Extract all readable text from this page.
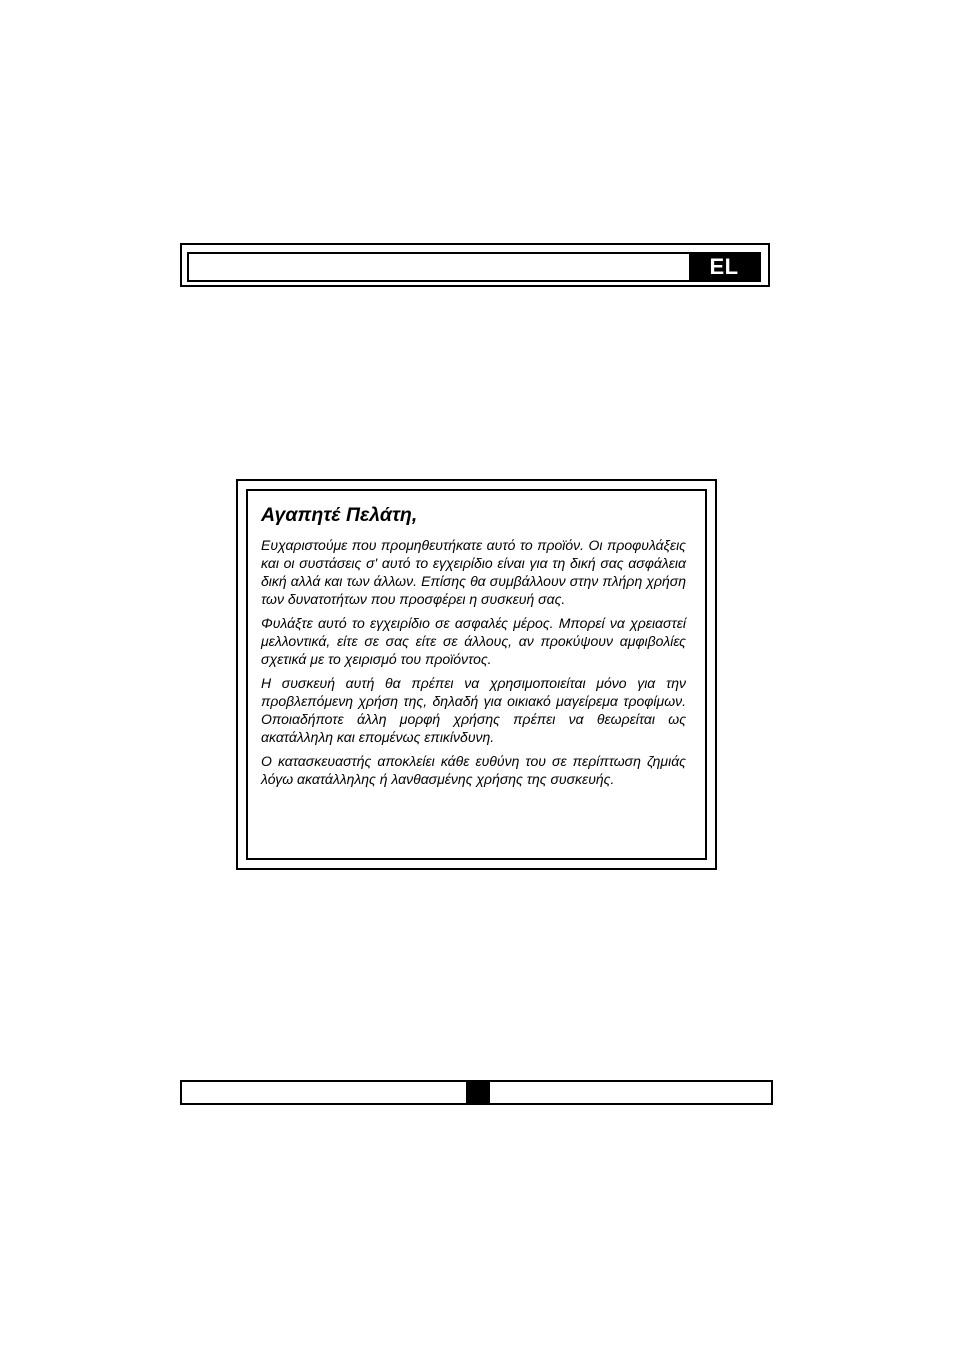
EL
Αγαπητέ Πελάτη,

Ευχαριστούμε που προμηθευτήκατε αυτό το προϊόν. Οι προφυλάξεις και οι συστάσεις σ' αυτό το εγχειρίδιο είναι για τη δική σας ασφάλεια δική αλλά και των άλλων. Επίσης θα συμβάλλουν στην πλήρη χρήση των δυνατοτήτων που προσφέρει η συσκευή σας.

Φυλάξτε αυτό το εγχειρίδιο σε ασφαλές μέρος. Μπορεί να χρειαστεί μελλοντικά, είτε σε σας είτε σε άλλους, αν προκύψουν αμφιβολίες σχετικά με το χειρισμό του προϊόντος.

Η συσκευή αυτή θα πρέπει να χρησιμοποιείται μόνο για την προβλεπόμενη χρήση της, δηλαδή για οικιακό μαγείρεμα τροφίμων. Οποιαδήποτε άλλη μορφή χρήσης πρέπει να θεωρείται ως ακατάλληλη και επομένως επικίνδυνη.

Ο κατασκευαστής αποκλείει κάθε ευθύνη του σε περίπτωση ζημιάς λόγω ακατάλληλης ή λανθασμένης χρήσης της συσκευής.
